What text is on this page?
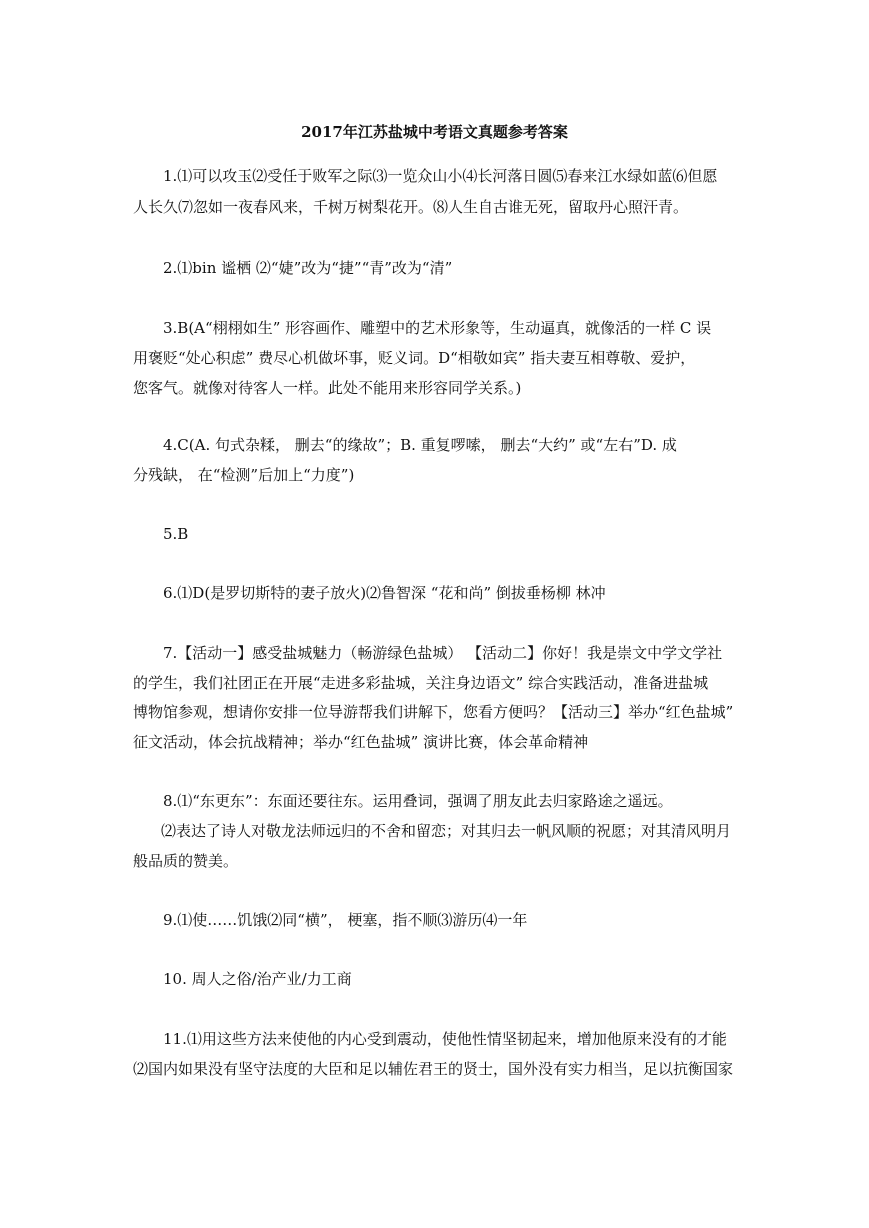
2017年江苏盐城中考语文真题参考答案
1.⑴可以攻玉⑵受任于败军之际⑶一览众山小⑷长河落日圆⑸春来江水绿如蓝⑹但愿
人长久⑺忽如一夜春风来，千树万树梨花开。⑻人生自古谁无死，留取丹心照汗青。
2.⑴bin 谧栖 ⑵“婕”改为“捷”“青”改为“清”
3.B(A“栩栩如生” 形容画作、雕塑中的艺术形象等，生动逼真，就像活的一样 C 误
用褒贬“处心积虑” 费尽心机做坏事，贬义词。D“相敬如宾” 指夫妻互相尊敬、爱护，
您客气。就像对待客人一样。此处不能用来形容同学关系。)
4.C(A. 句式杂糅， 删去“的缘故”；B. 重复啰嗦， 删去“大约” 或“左右”D. 成
分残缺， 在“检测”后加上“力度”)
5.B
6.⑴D(是罗切斯特的妻子放火)⑵鲁智深 “花和尚” 倒拔垂杨柳 林冲
7.【活动一】感受盐城魅力（畅游绿色盐城） 【活动二】你好！我是崇文中学文学社
的学生，我们社团正在开展“走进多彩盐城，关注身边语文” 综合实践活动，准备进盐城
博物馆参观，想请你安排一位导游帮我们讲解下，您看方便吗？【活动三】举办“红色盐城”
征文活动，体会抗战精神；举办“红色盐城” 演讲比赛，体会革命精神
8.⑴“东更东”：东面还要往东。运用叠词，强调了朋友此去归家路途之遥远。
⑵表达了诗人对敬龙法师远归的不舍和留恋；对其归去一帆风顺的祝愿；对其清风明月
般品质的赞美。
9.⑴使……饥饿⑵同“横”， 梗塞，指不顺⑶游历⑷一年
10. 周人之俗/治产业/力工商
11.⑴用这些方法来使他的内心受到震动，使他性情坚韧起来，增加他原来没有的才能
⑵国内如果没有坚守法度的大臣和足以辅佐君王的贤士，国外没有实力相当，足以抗衡国家
